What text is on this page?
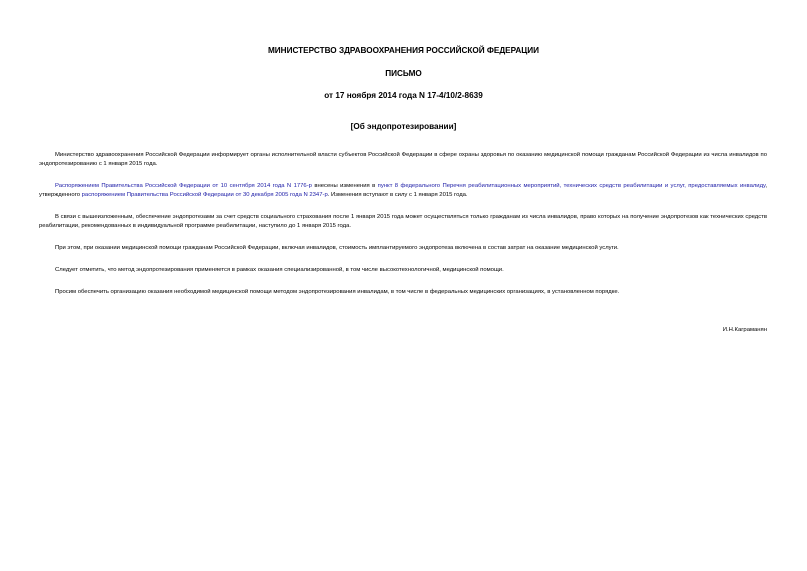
МИНИСТЕРСТВО ЗДРАВООХРАНЕНИЯ РОССИЙСКОЙ ФЕДЕРАЦИИ
ПИСЬМО
от 17 ноября 2014 года N 17-4/10/2-8639
[Об эндопротезировании]

Министерство здравоохранения Российской Федерации информирует органы исполнительной власти субъектов Российской Федерации в сфере охраны здоровья по оказанию медицинской помощи гражданам Российской Федерации из числа инвалидов по эндопротезированию с 1 января 2015 года.

Распоряжением Правительства Российской Федерации от 10 сентября 2014 года N 1776-р внесены изменения в пункт 8 федерального Перечня реабилитационных мероприятий, технических средств реабилитации и услуг, предоставляемых инвалиду, утвержденного распоряжением Правительства Российской Федерации от 30 декабря 2005 года N 2347-р. Изменения вступают в силу с 1 января 2015 года.

В связи с вышеизложенным, обеспечение эндопротезами за счет средств социального страхования после 1 января 2015 года может осуществляться только гражданам из числа инвалидов, право которых на получение эндопротезов как технических средств реабилитации, рекомендованных в индивидуальной программе реабилитации, наступило до 1 января 2015 года.

При этом, при оказании медицинской помощи гражданам Российской Федерации, включая инвалидов, стоимость имплантируемого эндопротеза включена в состав затрат на оказание медицинской услуги.

Следует отметить, что метод эндопротезирования применяется в рамках оказания специализированной, в том числе высокотехнологичной, медицинской помощи.

Просим обеспечить организацию оказания необходимой медицинской помощи методом эндопротезирования инвалидам, в том числе в федеральных медицинских организациях, в установленном порядке.

И.Н.Каграманян
